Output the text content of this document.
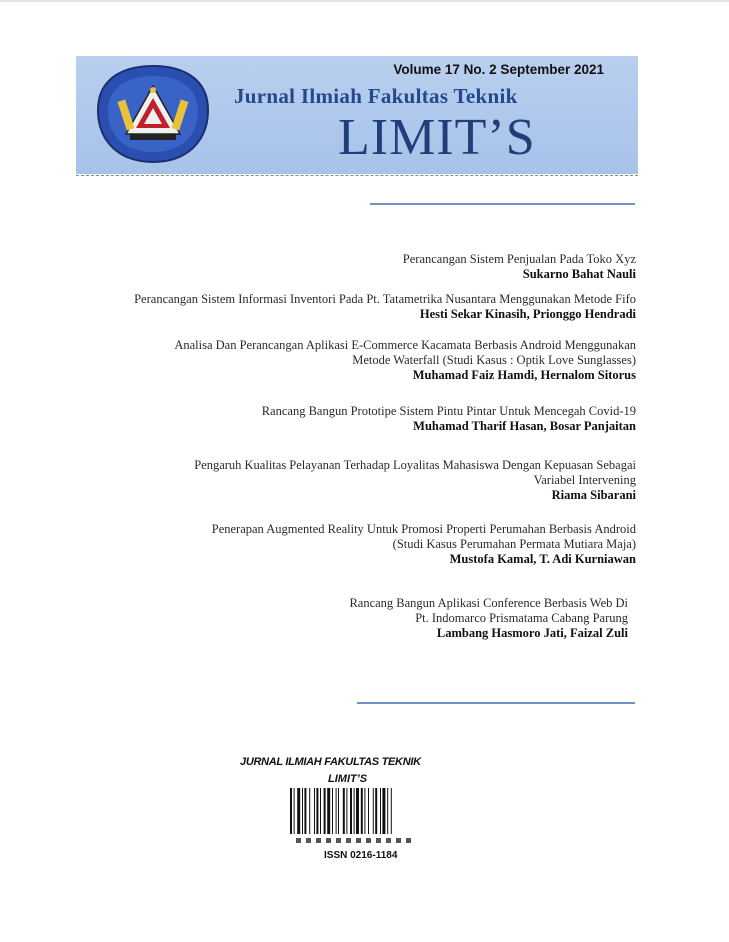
Volume 17 No. 2 September 2021
Jurnal Ilmiah Fakultas Teknik
LIMIT’S
Perancangan Sistem Penjualan Pada Toko Xyz
Sukarno Bahat Nauli
Perancangan Sistem Informasi Inventori Pada Pt. Tatametrika Nusantara Menggunakan Metode Fifo
Hesti Sekar Kinasih, Prionggo Hendradi
Analisa Dan Perancangan Aplikasi E-Commerce Kacamata Berbasis Android Menggunakan
Metode Waterfall (Studi Kasus : Optik Love Sunglasses)
Muhamad Faiz Hamdi, Hernalom Sitorus
Rancang Bangun Prototipe Sistem Pintu Pintar Untuk Mencegah Covid-19
Muhamad Tharif Hasan, Bosar Panjaitan
Pengaruh Kualitas Pelayanan Terhadap Loyalitas Mahasiswa Dengan Kepuasan Sebagai
Variabel Intervening
Riama Sibarani
Penerapan Augmented Reality Untuk Promosi Properti Perumahan Berbasis Android
(Studi Kasus Perumahan Permata Mutiara Maja)
Mustofa Kamal, T. Adi Kurniawan
Rancang Bangun Aplikasi Conference Berbasis Web Di
Pt. Indomarco Prismatama Cabang Parung
Lambang Hasmoro Jati, Faizal Zuli
JURNAL ILMIAH FAKULTAS TEKNIK
LIMIT’S
ISSN 0216-1184
